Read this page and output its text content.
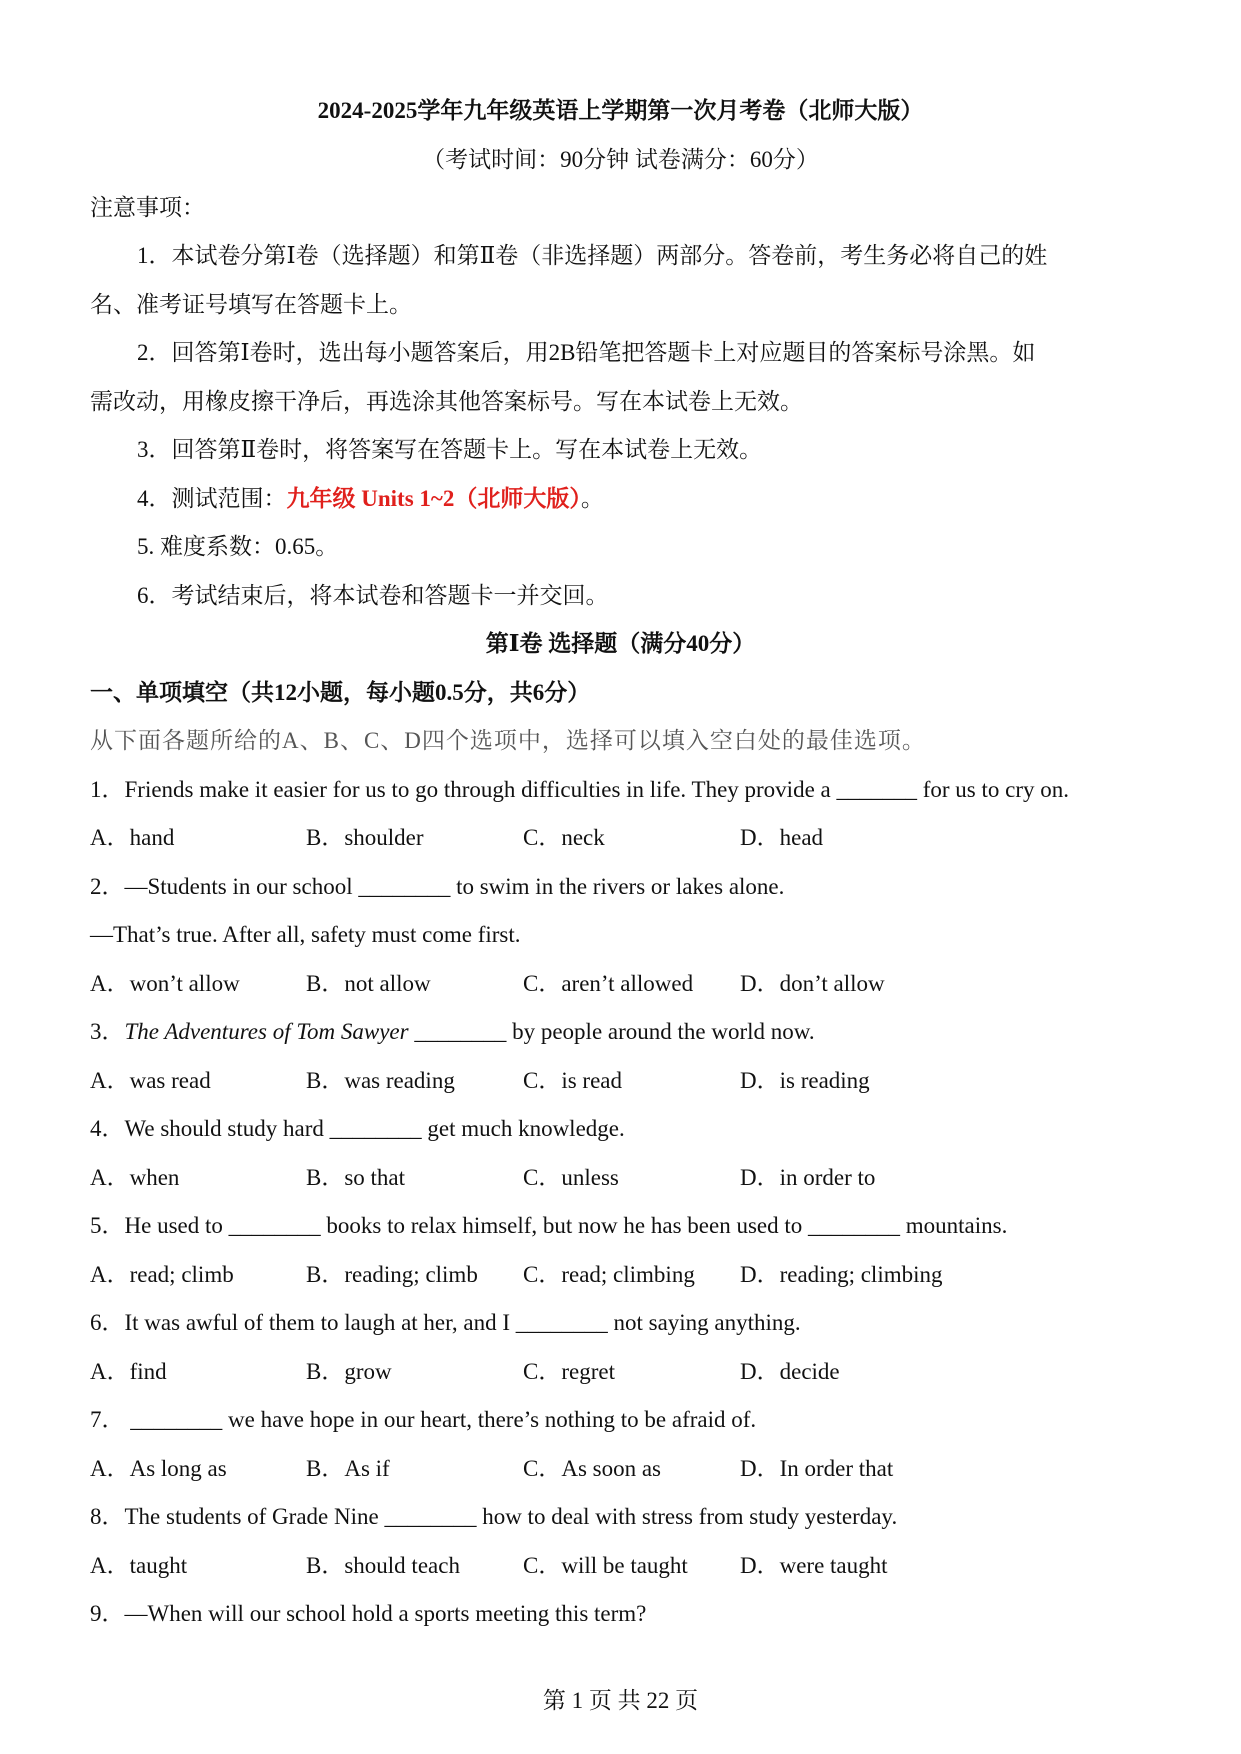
2024-2025学年九年级英语上学期第一次月考卷（北师大版）
（考试时间：90分钟 试卷满分：60分）
注意事项：
1．本试卷分第Ⅰ卷（选择题）和第Ⅱ卷（非选择题）两部分。答卷前，考生务必将自己的姓
名、准考证号填写在答题卡上。
2．回答第Ⅰ卷时，选出每小题答案后，用2B铅笔把答题卡上对应题目的答案标号涂黑。如
需改动，用橡皮擦干净后，再选涂其他答案标号。写在本试卷上无效。
3．回答第Ⅱ卷时，将答案写在答题卡上。写在本试卷上无效。
4．测试范围：九年级 Units 1~2（北师大版）。
5. 难度系数：0.65。
6．考试结束后，将本试卷和答题卡一并交回。
第Ⅰ卷 选择题（满分40分）
一、单项填空（共12小题，每小题0.5分，共6分）
从下面各题所给的A、B、C、D四个选项中，选择可以填入空白处的最佳选项。
1．Friends make it easier for us to go through difficulties in life. They provide a _______ for us to cry on.
A．hand	B．shoulder	C．neck	D．head
2．—Students in our school ________ to swim in the rivers or lakes alone.
—That’s true. After all, safety must come first.
A．won’t allow	B．not allow	C．aren’t allowed D．don’t allow
3．The Adventures of Tom Sawyer ________ by people around the world now.
A．was read	B．was reading	C．is read	D．is reading
4．We should study hard ________ get much knowledge.
A．when	B．so that	C．unless	D．in order to
5．He used to ________ books to relax himself, but now he has been used to ________ mountains.
A．read; climb	B．reading; climb C．read; climbing D．reading; climbing
6．It was awful of them to laugh at her, and I ________ not saying anything.
A．find	B．grow	C．regret	D．decide
7． ________ we have hope in our heart, there’s nothing to be afraid of.
A．As long as	B．As if	C．As soon as	D．In order that
8．The students of Grade Nine ________ how to deal with stress from study yesterday.
A．taught	B．should teach	C．will be taught D．were taught
9．—When will our school hold a sports meeting this term?
第 1 页 共 22 页
